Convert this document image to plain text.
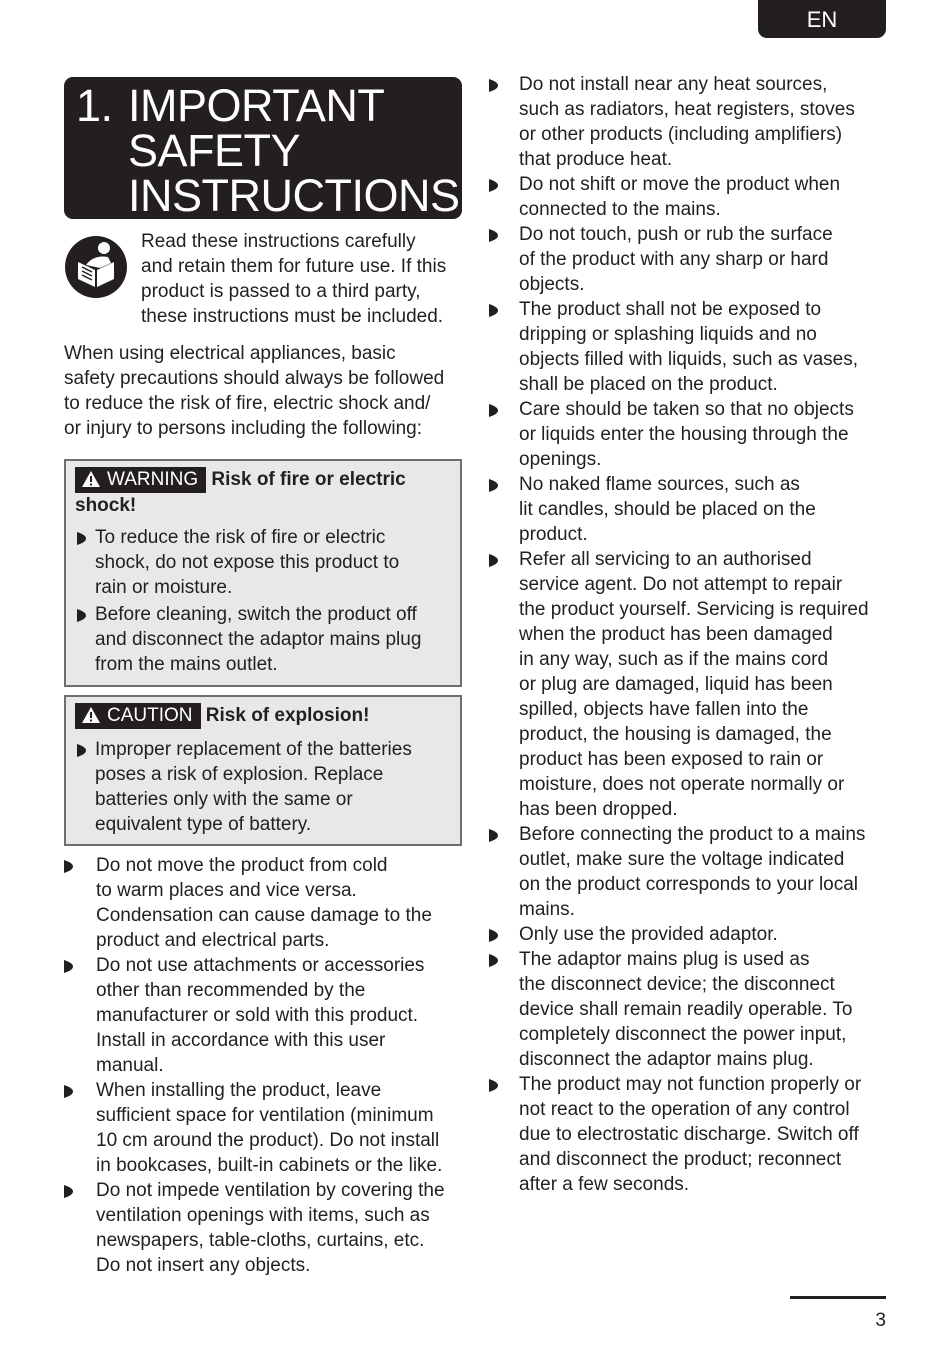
EN
1. IMPORTANT
SAFETY
INSTRUCTIONS
Read these instructions carefully
and retain them for future use. If this
product is passed to a third party,
these instructions must be included.
When using electrical appliances, basic
safety precautions should always be followed
to reduce the risk of fire, electric shock and/
or injury to persons including the following:
WARNING Risk of fire or electric
shock!
To reduce the risk of fire or electric
shock, do not expose this product to
rain or moisture.
Before cleaning, switch the product off
and disconnect the adaptor mains plug
from the mains outlet.
CAUTION Risk of explosion!
Improper replacement of the batteries
poses a risk of explosion. Replace
batteries only with the same or
equivalent type of battery.
Do not move the product from cold
to warm places and vice versa.
Condensation can cause damage to the
product and electrical parts.
Do not use attachments or accessories
other than recommended by the
manufacturer or sold with this product.
Install in accordance with this user
manual.
When installing the product, leave
sufficient space for ventilation (minimum
10 cm around the product). Do not install
in bookcases, built-in cabinets or the like.
Do not impede ventilation by covering the
ventilation openings with items, such as
newspapers, table-cloths, curtains, etc.
Do not insert any objects.
Do not install near any heat sources,
such as radiators, heat registers, stoves
or other products (including amplifiers)
that produce heat.
Do not shift or move the product when
connected to the mains.
Do not touch, push or rub the surface
of the product with any sharp or hard
objects.
The product shall not be exposed to
dripping or splashing liquids and no
objects filled with liquids, such as vases,
shall be placed on the product.
Care should be taken so that no objects
or liquids enter the housing through the
openings.
No naked flame sources, such as
lit candles, should be placed on the
product.
Refer all servicing to an authorised
service agent. Do not attempt to repair
the product yourself. Servicing is required
when the product has been damaged
in any way, such as if the mains cord
or plug are damaged, liquid has been
spilled, objects have fallen into the
product, the housing is damaged, the
product has been exposed to rain or
moisture, does not operate normally or
has been dropped.
Before connecting the product to a mains
outlet, make sure the voltage indicated
on the product corresponds to your local
mains.
Only use the provided adaptor.
The adaptor mains plug is used as
the disconnect device; the disconnect
device shall remain readily operable. To
completely disconnect the power input,
disconnect the adaptor mains plug.
The product may not function properly or
not react to the operation of any control
due to electrostatic discharge. Switch off
and disconnect the product; reconnect
after a few seconds.
3
